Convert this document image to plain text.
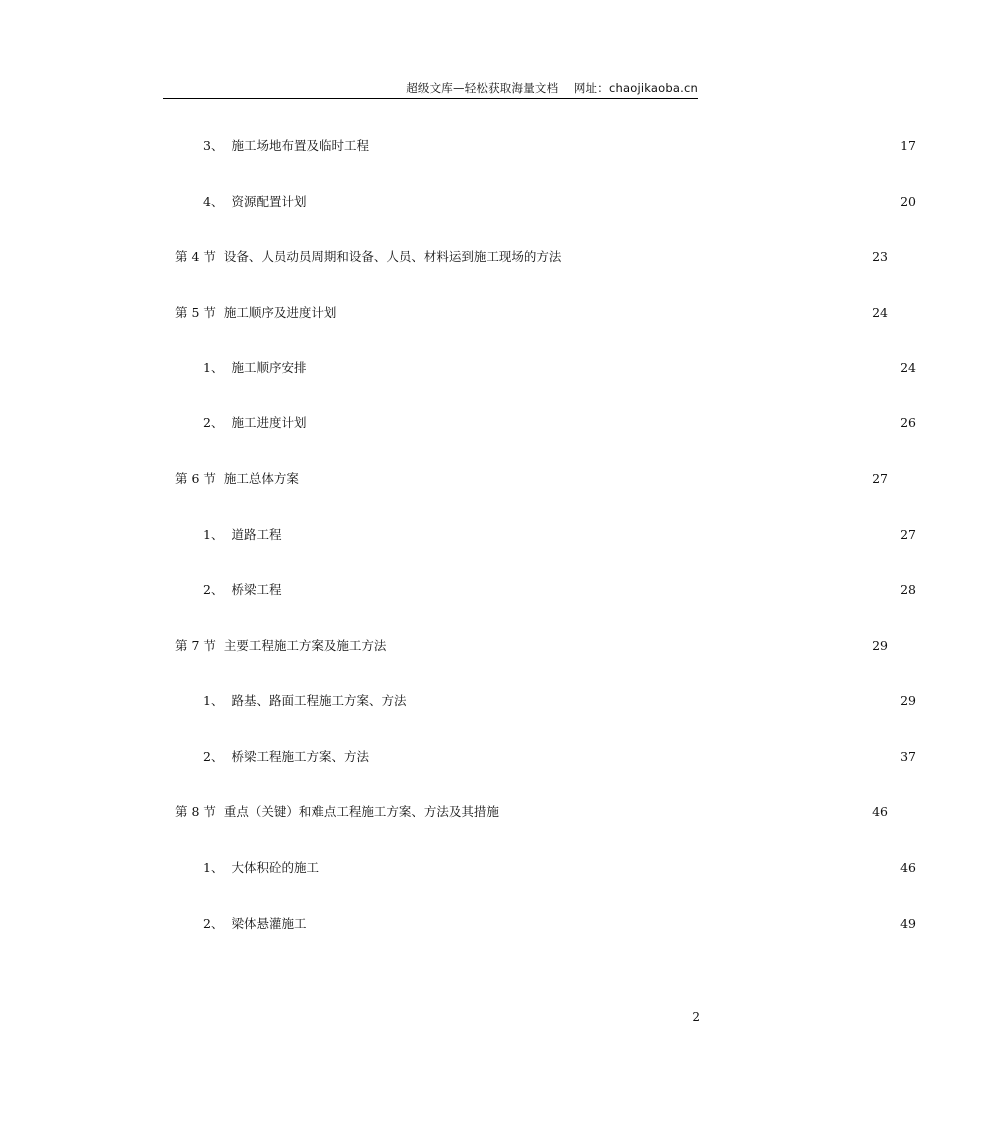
超级文库—轻松获取海量文档　 网址：chaojikaoba.cn
3、 施工场地布置及临时工程	17
4、 资源配置计划	20
第 4 节 设备、人员动员周期和设备、人员、材料运到施工现场的方法	23
第 5 节 施工顺序及进度计划	24
1、 施工顺序安排	24
2、 施工进度计划	26
第 6 节 施工总体方案	27
1、 道路工程	27
2、 桥梁工程	28
第 7 节 主要工程施工方案及施工方法	29
1、 路基、路面工程施工方案、方法	29
2、 桥梁工程施工方案、方法	37
第 8 节 重点（关键）和难点工程施工方案、方法及其措施	46
1、 大体积砼的施工	46
2、 梁体悬灌施工	49
2
